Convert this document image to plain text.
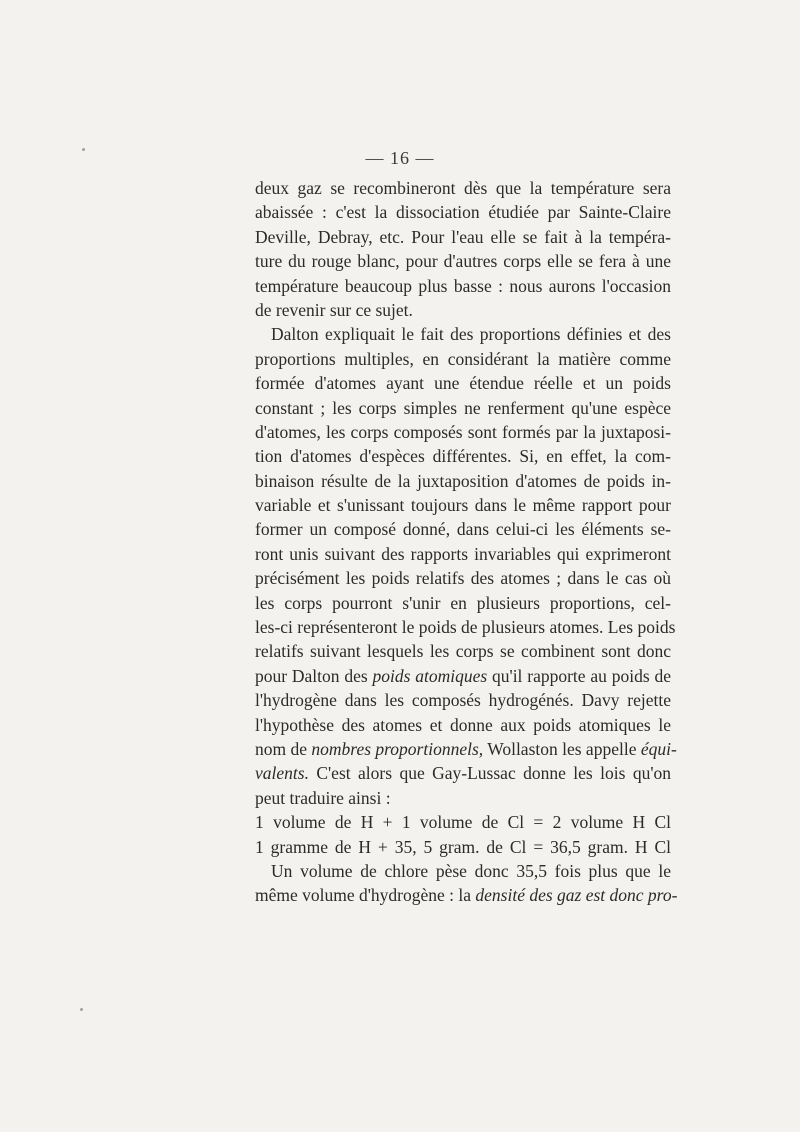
— 16 —
deux gaz se recombineront dès que la température sera
abaissée : c'est la dissociation étudiée par Sainte-Claire
Deville, Debray, etc. Pour l'eau elle se fait à la tempéra-
ture du rouge blanc, pour d'autres corps elle se fera à une
température beaucoup plus basse : nous aurons l'occasion
de revenir sur ce sujet.
Dalton expliquait le fait des proportions définies et des
proportions multiples, en considérant la matière comme
formée d'atomes ayant une étendue réelle et un poids
constant ; les corps simples ne renferment qu'une espèce
d'atomes, les corps composés sont formés par la juxtaposi-
tion d'atomes d'espèces différentes. Si, en effet, la com-
binaison résulte de la juxtaposition d'atomes de poids in-
variable et s'unissant toujours dans le même rapport pour
former un composé donné, dans celui-ci les éléments se-
ront unis suivant des rapports invariables qui exprimeront
précisément les poids relatifs des atomes ; dans le cas où
les corps pourront s'unir en plusieurs proportions, cel-
les-ci représenteront le poids de plusieurs atomes. Les poids
relatifs suivant lesquels les corps se combinent sont donc
pour Dalton des poids atomiques qu'il rapporte au poids de
l'hydrogène dans les composés hydrogénés. Davy rejette
l'hypothèse des atomes et donne aux poids atomiques le
nom de nombres proportionnels, Wollaston les appelle équi-
valents. C'est alors que Gay-Lussac donne les lois qu'on
peut traduire ainsi :
1 volume de H + 1 volume de Cl = 2 volume H Cl
1 gramme de H + 35, 5 gram. de Cl = 36,5 gram. H Cl
Un volume de chlore pèse donc 35,5 fois plus que le
même volume d'hydrogène : la densité des gaz est donc pro-
